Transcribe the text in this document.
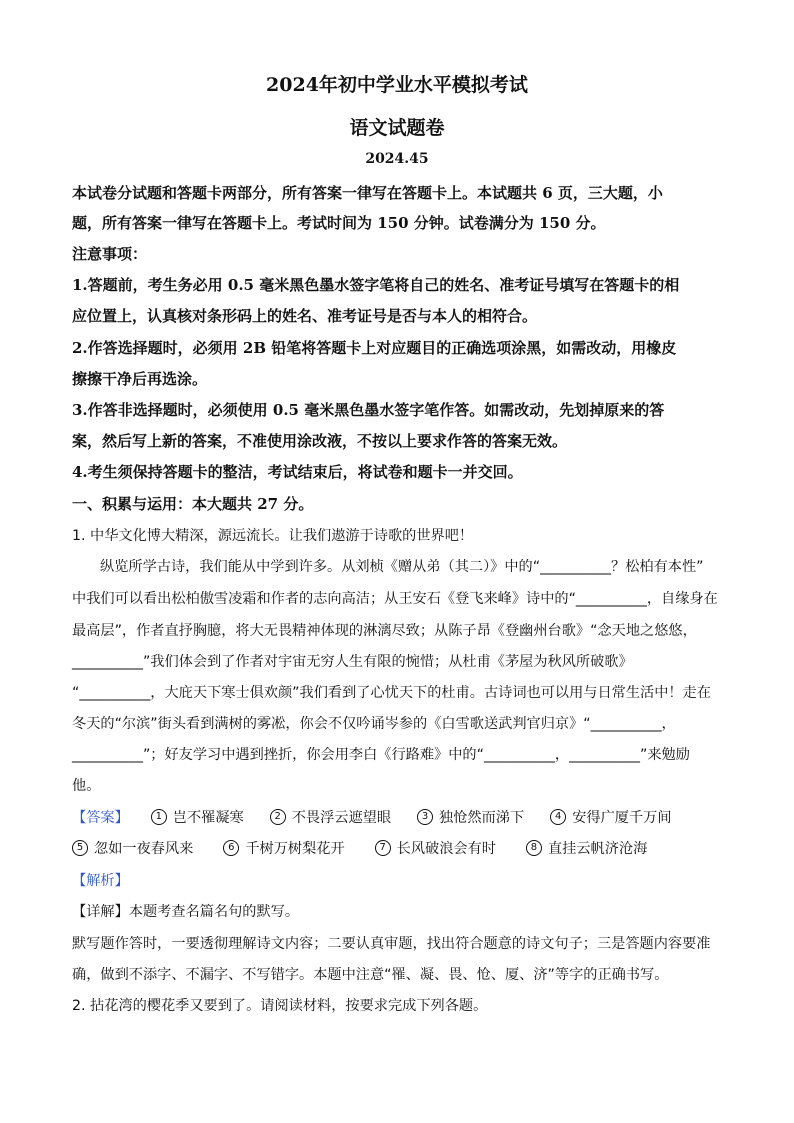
2024年初中学业水平模拟考试
语文试题卷
2024.45
本试卷分试题和答题卡两部分，所有答案一律写在答题卡上。本试题共 6 页，三大题，小
题，所有答案一律写在答题卡上。考试时间为 150 分钟。试卷满分为 150 分。
注意事项：
1.答题前，考生务必用 0.5 毫米黑色墨水签字笔将自己的姓名、准考证号填写在答题卡的相
应位置上，认真核对条形码上的姓名、准考证号是否与本人的相符合。
2.作答选择题时，必须用 2B 铅笔将答题卡上对应题目的正确选项涂黑，如需改动，用橡皮
擦擦干净后再选涂。
3.作答非选择题时，必须使用 0.5 毫米黑色墨水签字笔作答。如需改动，先划掉原来的答
案，然后写上新的答案，不准使用涂改液，不按以上要求作答的答案无效。
4.考生须保持答题卡的整洁，考试结束后，将试卷和题卡一并交回。
一、积累与运用：本大题共 27 分。
1. 中华文化博大精深，源远流长。让我们遨游于诗歌的世界吧！
纵览所学古诗，我们能从中学到许多。从刘桢《赠从弟（其二）》中的“__________？松柏有本性”
中我们可以看出松柏傲雪凌霜和作者的志向高洁；从王安石《登飞来峰》诗中的“__________，自缘身在
最高层”，作者直抒胸臆，将大无畏精神体现的淋漓尽致；从陈子昂《登幽州台歌》“念天地之悠悠，
__________”我们体会到了作者对宇宙无穷人生有限的惋惜；从杜甫《茅屋为秋风所破歌》
“__________，大庇天下寒士俱欢颜”我们看到了心忧天下的杜甫。古诗词也可以用与日常生活中！走在
冬天的“尔滨”街头看到满树的雾凇，你会不仅吟诵岑参的《白雪歌送武判官归京》“__________，
__________”；好友学习中遇到挫折，你会用李白《行路难》中的“__________，__________”来勉励
他。
【答案】	1 岂不罹凝寒	2 不畏浮云遮望眼	3 独怆然而涕下	4 安得广厦千万间
5 忽如一夜春风来	6 千树万树梨花开	7 长风破浪会有时	8 直挂云帆济沧海
【解析】
【详解】本题考查名篇名句的默写。
默写题作答时，一要透彻理解诗文内容；二要认真审题，找出符合题意的诗文句子；三是答题内容要准
确，做到不添字、不漏字、不写错字。本题中注意“罹、凝、畏、怆、厦、济”等字的正确书写。
2. 拈花湾的樱花季又要到了。请阅读材料，按要求完成下列各题。
